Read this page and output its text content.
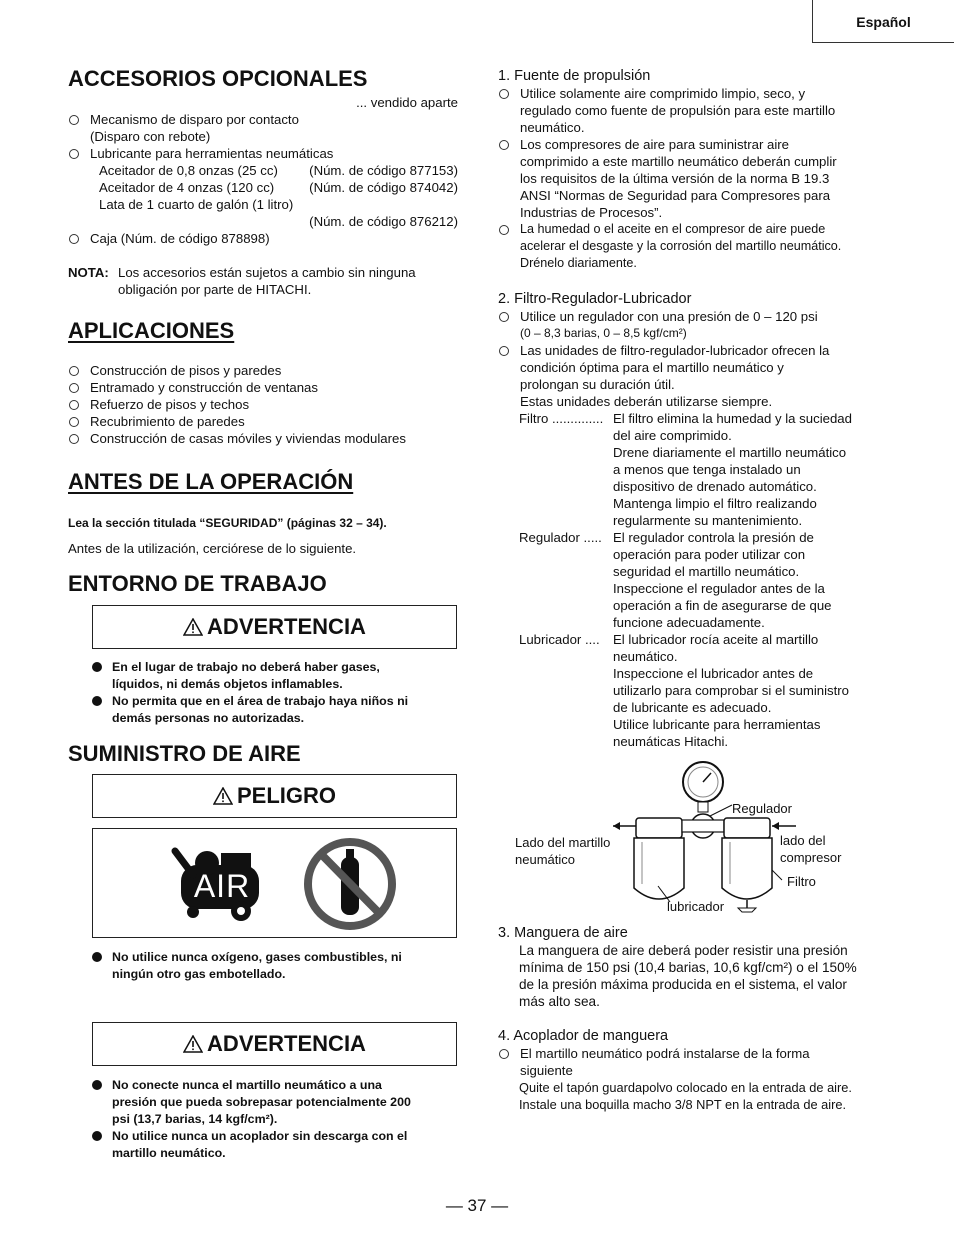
Español
ACCESORIOS OPCIONALES
... vendido aparte
Mecanismo de disparo por contacto
(Disparo con rebote)
Lubricante para herramientas neumáticas
Aceitador de 0,8 onzas (25 cc) (Núm. de código 877153)
Aceitador de 4 onzas (120 cc)	(Núm. de código 874042)
Lata de 1 cuarto de galón (1 litro)
(Núm. de código 876212)
Caja (Núm. de código 878898)
NOTA: Los accesorios están sujetos a cambio sin ninguna
obligación por parte de HITACHI.
APLICACIONES
Construcción de pisos y paredes
Entramado y construcción de ventanas
Refuerzo de pisos y techos
Recubrimiento de paredes
Construcción de casas móviles y viviendas modulares
ANTES DE LA OPERACIÓN
Lea la sección titulada “SEGURIDAD” (páginas 32 – 34).
Antes de la utilización, cerciórese de lo siguiente.
ENTORNO DE TRABAJO
ADVERTENCIA
En el lugar de trabajo no deberá haber gases,
líquidos, ni demás objetos inflamables.
No permita que en el área de trabajo haya niños ni
demás personas no autorizadas.
SUMINISTRO DE AIRE
PELIGRO
AIR
No utilice nunca oxígeno, gases combustibles, ni
ningún otro gas embotellado.
ADVERTENCIA
No conecte nunca el martillo neumático a una
presión que pueda sobrepasar potencialmente 200
psi (13,7 barias, 14 kgf/cm²).
No utilice nunca un acoplador sin descarga con el
martillo neumático.
1. Fuente de propulsión
Utilice solamente aire comprimido limpio, seco, y
regulado como fuente de propulsión para este martillo
neumático.
Los compresores de aire para suministrar aire
comprimido a este martillo neumático deberán cumplir
los requisitos de la última versión de la norma B 19.3
ANSI “Normas de Seguridad para Compresores para
Industrias de Procesos”.
La humedad o el aceite en el compresor de aire puede
acelerar el desgaste y la corrosión del martillo neumático.
Drénelo diariamente.
2. Filtro-Regulador-Lubricador
Utilice un regulador con una presión de 0 – 120 psi
(0 – 8,3 barias, 0 – 8,5 kgf/cm²)
Las unidades de filtro-regulador-lubricador ofrecen la
condición óptima para el martillo neumático y
prolongan su duración útil.
Estas unidades deberán utilizarse siempre.
Filtro .............. El filtro elimina la humedad y la suciedad
del aire comprimido.
Drene diariamente el martillo neumático
a menos que tenga instalado un
dispositivo de drenado automático.
Mantenga limpio el filtro realizando
regularmente su mantenimiento.
Regulador ..... El regulador controla la presión de
operación para poder utilizar con
seguridad el martillo neumático.
Inspeccione el regulador antes de la
operación a fin de asegurarse de que
funcione adecuadamente.
Lubricador ....	El lubricador rocía aceite al martillo
neumático.
Inspeccione el lubricador antes de
utilizarlo para comprobar si el suministro
de lubricante es adecuado.
Utilice lubricante para herramientas
neumáticas Hitachi.
Regulador
Lado del martillo
neumático
lado del
compresor
Filtro
lubricador
3. Manguera de aire
La manguera de aire deberá poder resistir una presión
mínima de 150 psi (10,4 barias, 10,6 kgf/cm²) o el 150%
de la presión máxima producida en el sistema, el valor
más alto sea.
4. Acoplador de manguera
El martillo neumático podrá instalarse de la forma
siguiente
Quite el tapón guardapolvo colocado en la entrada de aire.
Instale una boquilla macho 3/8 NPT en la entrada de aire.
— 37 —
